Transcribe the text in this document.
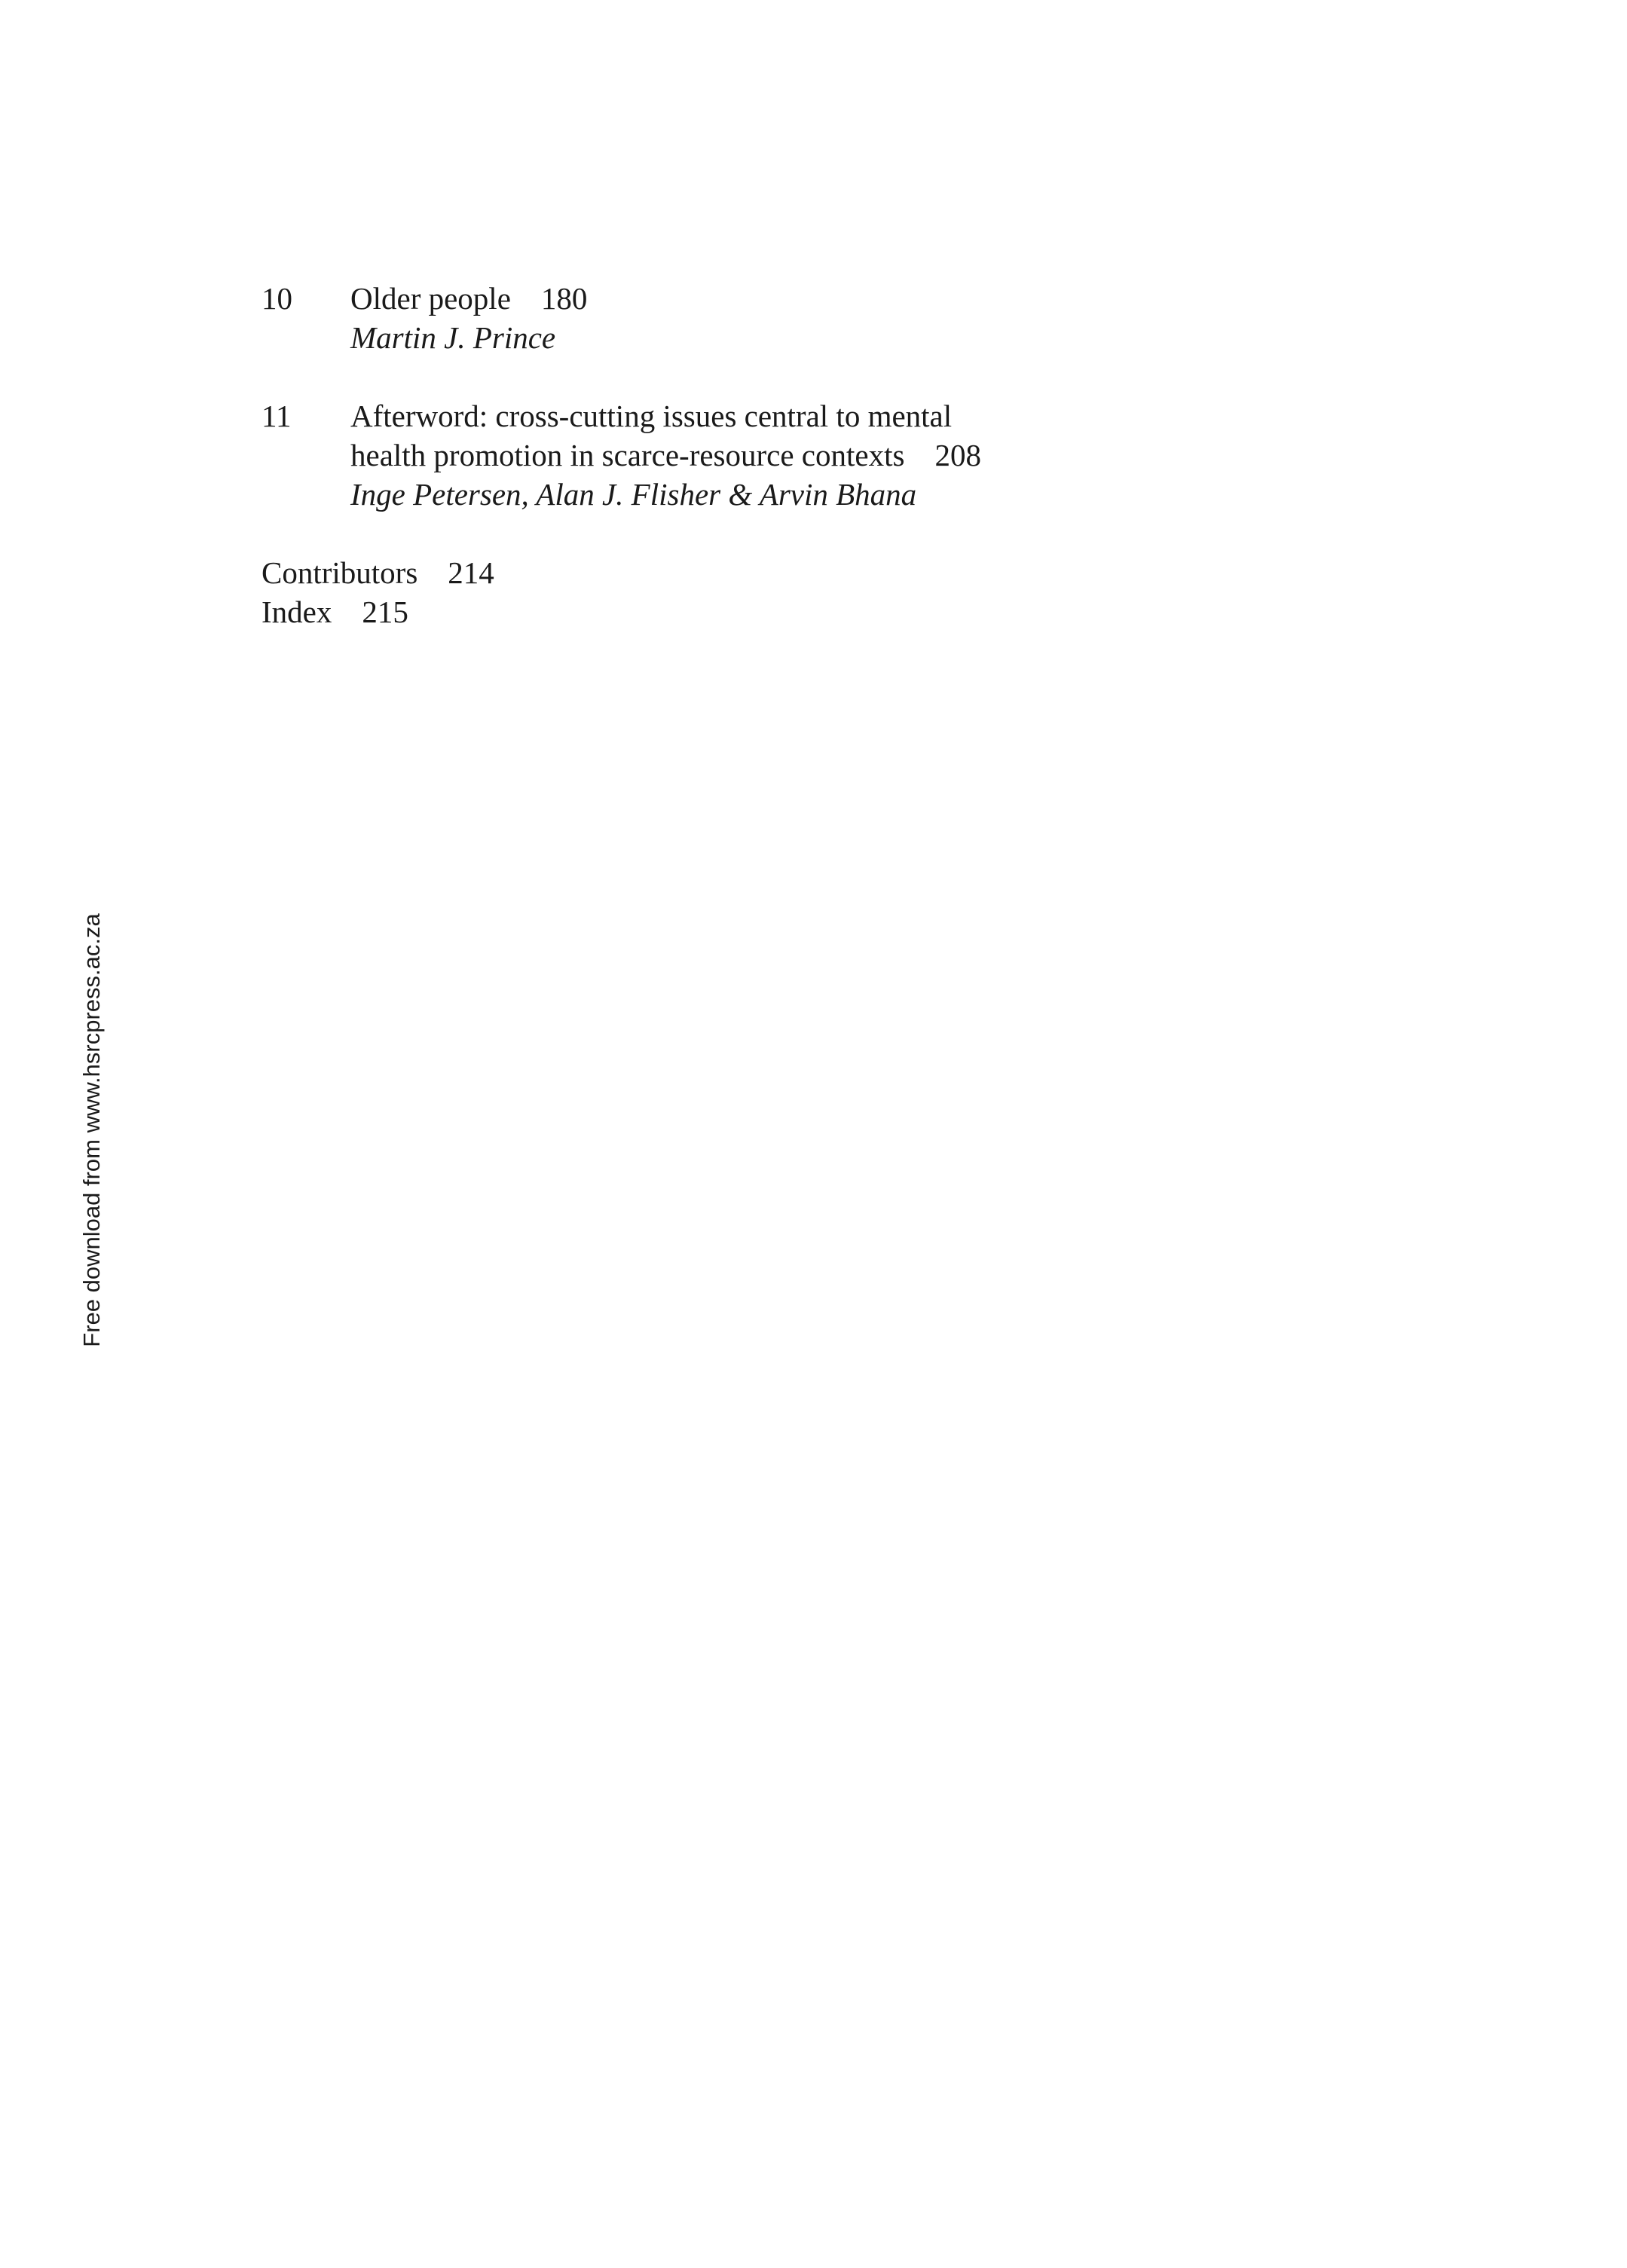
10	Older people 180
Martin J. Prince
11	Afterword: cross-cutting issues central to mental
health promotion in scarce-resource contexts 208
Inge Petersen, Alan J. Flisher & Arvin Bhana
Contributors 214
Index 215
Free download from www.hsrcpress.ac.za
